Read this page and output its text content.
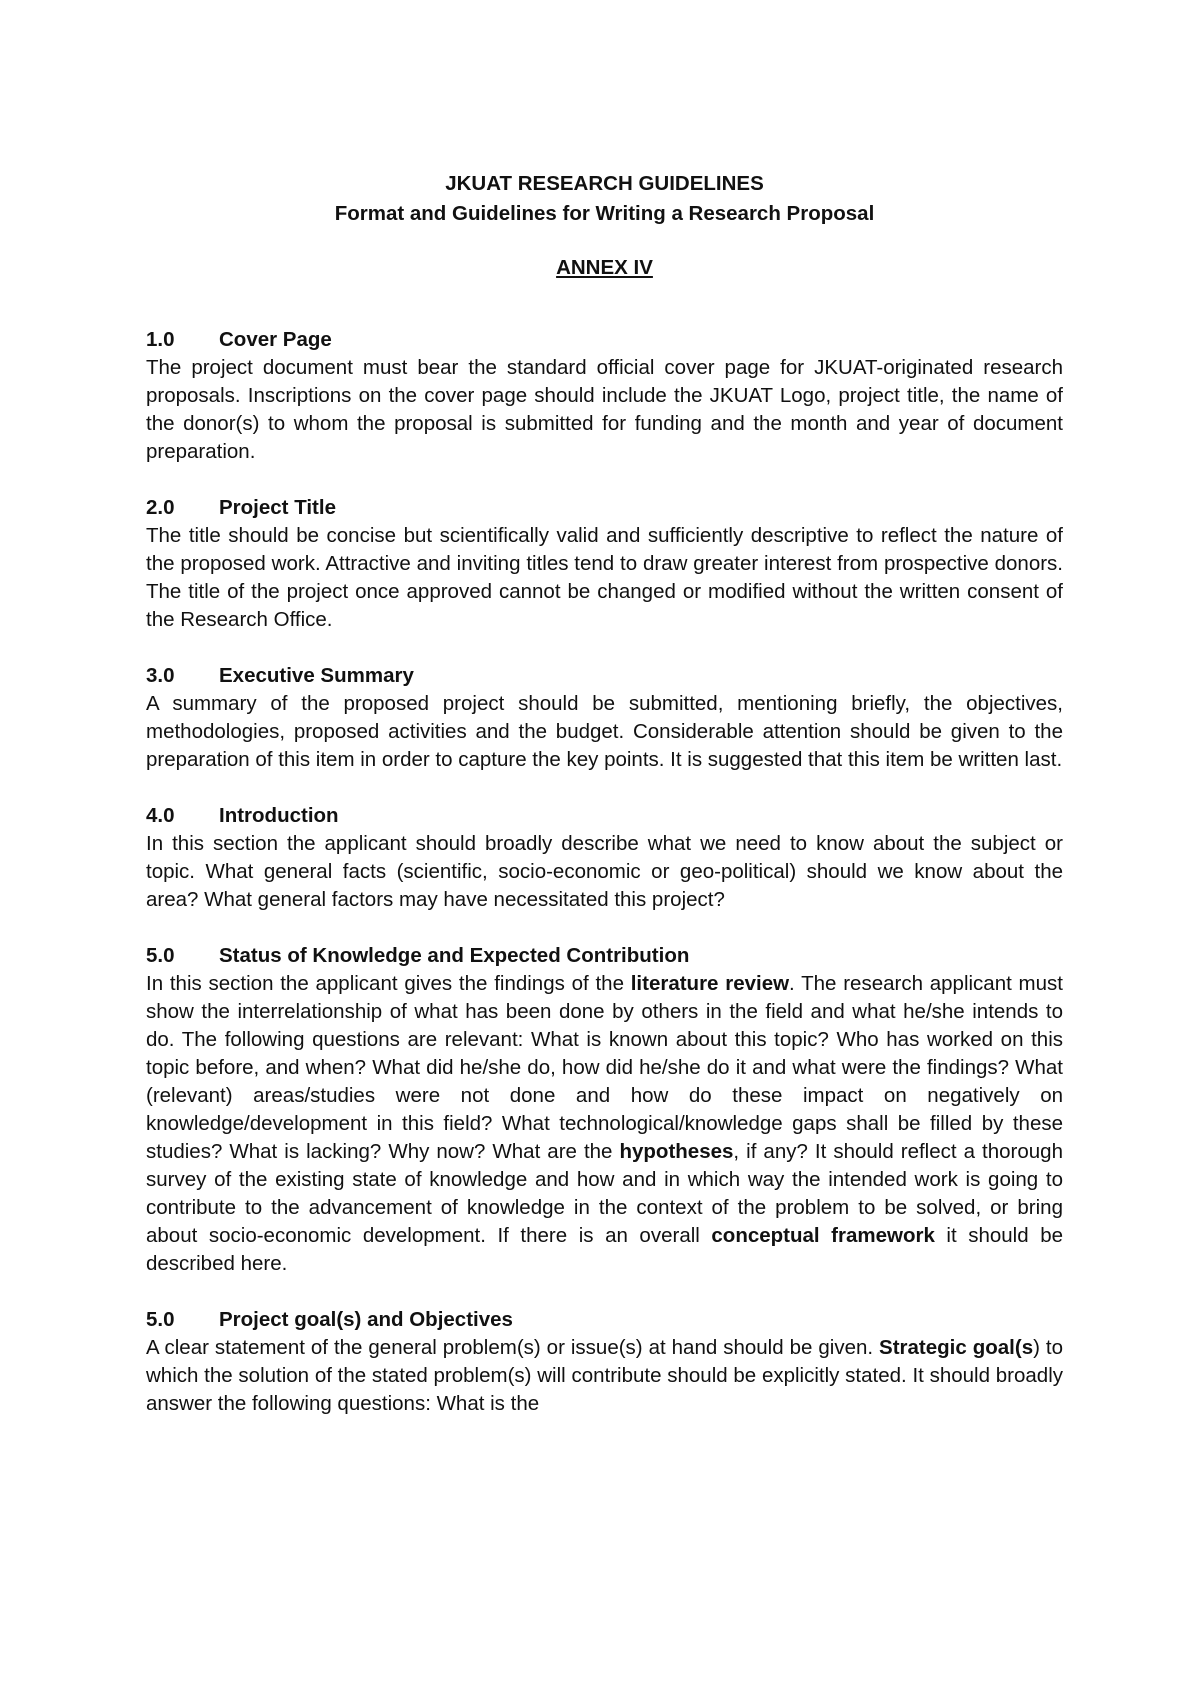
JKUAT RESEARCH GUIDELINES

Format and Guidelines for Writing a Research Proposal

ANNEX IV
1.0	Cover Page
The project document must bear the standard official cover page for JKUAT-originated research proposals. Inscriptions on the cover page should include the JKUAT Logo, project title, the name of the donor(s) to whom the proposal is submitted for funding and the month and year of document preparation.
2.0	Project Title
The title should be concise but scientifically valid and sufficiently descriptive to reflect the nature of the proposed work. Attractive and inviting titles tend to draw greater interest from prospective donors. The title of the project once approved cannot be changed or modified without the written consent of the Research Office.
3.0	Executive Summary
A summary of the proposed project should be submitted, mentioning briefly, the objectives, methodologies, proposed activities and the budget. Considerable attention should be given to the preparation of this item in order to capture the key points. It is suggested that this item be written last.
4.0	Introduction
In this section the applicant should broadly describe what we need to know about the subject or topic. What general facts (scientific, socio-economic or geo-political) should we know about the area? What general factors may have necessitated this project?
5.0	Status of Knowledge and Expected Contribution
In this section the applicant gives the findings of the literature review. The research applicant must show the interrelationship of what has been done by others in the field and what he/she intends to do. The following questions are relevant: What is known about this topic? Who has worked on this topic before, and when? What did he/she do, how did he/she do it and what were the findings? What (relevant) areas/studies were not done and how do these impact on negatively on knowledge/development in this field? What technological/knowledge gaps shall be filled by these studies? What is lacking? Why now? What are the hypotheses, if any? It should reflect a thorough survey of the existing state of knowledge and how and in which way the intended work is going to contribute to the advancement of knowledge in the context of the problem to be solved, or bring about socio-economic development. If there is an overall conceptual framework it should be described here.
5.0	Project goal(s) and Objectives
A clear statement of the general problem(s) or issue(s) at hand should be given. Strategic goal(s) to which the solution of the stated problem(s) will contribute should be explicitly stated. It should broadly answer the following questions: What is the
